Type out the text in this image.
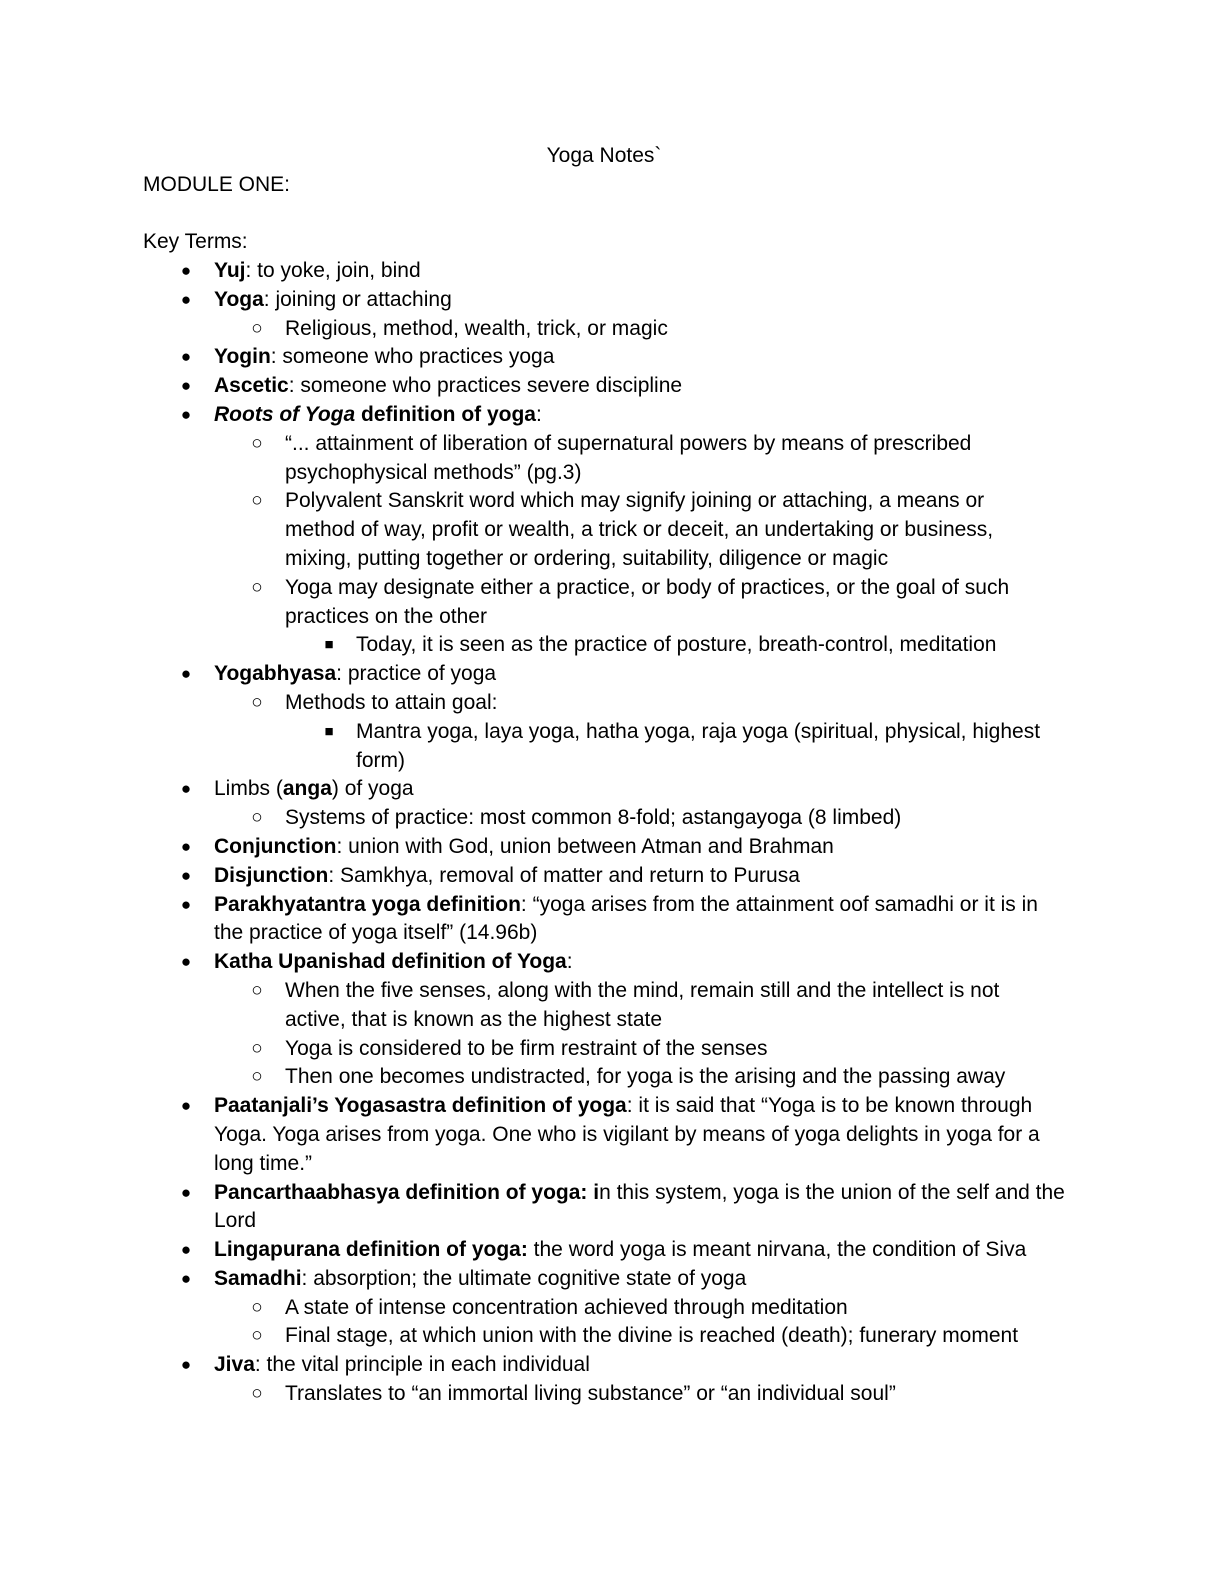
Yoga Notes`
MODULE ONE:
Key Terms:
●	Yuj: to yoke, join, bind
●	Yoga: joining or attaching
○ Religious, method, wealth, trick, or magic
●	Yogin: someone who practices yoga
●	Ascetic: someone who practices severe discipline
●	Roots of Yoga definition of yoga:
○ “... attainment of liberation of supernatural powers by means of prescribed psychophysical methods” (pg.3)
○ Polyvalent Sanskrit word which may signify joining or attaching, a means or method of way, profit or wealth, a trick or deceit, an undertaking or business, mixing, putting together or ordering, suitability, diligence or magic
○ Yoga may designate either a practice, or body of practices, or the goal of such practices on the other
■	Today, it is seen as the practice of posture, breath-control, meditation
●	Yogabhyasa: practice of yoga
○ Methods to attain goal:
■	Mantra yoga, laya yoga, hatha yoga, raja yoga (spiritual, physical, highest form)
●	Limbs (anga) of yoga
○ Systems of practice: most common 8-fold; astangayoga (8 limbed)
●	Conjunction: union with God, union between Atman and Brahman
●	Disjunction: Samkhya, removal of matter and return to Purusa
●	Parakhyatantra yoga definition: “yoga arises from the attainment oof samadhi or it is in the practice of yoga itself” (14.96b)
●	Katha Upanishad definition of Yoga:
○ When the five senses, along with the mind, remain still and the intellect is not active, that is known as the highest state
○ Yoga is considered to be firm restraint of the senses
○ Then one becomes undistracted, for yoga is the arising and the passing away
●	Paatanjali’s Yogasastra definition of yoga: it is said that “Yoga is to be known through Yoga. Yoga arises from yoga. One who is vigilant by means of yoga delights in yoga for a long time.”
●	Pancarthaabhasya definition of yoga: in this system, yoga is the union of the self and the Lord
●	Lingapurana definition of yoga: the word yoga is meant nirvana, the condition of Siva
●	Samadhi: absorption; the ultimate cognitive state of yoga
○ A state of intense concentration achieved through meditation
○ Final stage, at which union with the divine is reached (death); funerary moment
●	Jiva: the vital principle in each individual
○ Translates to “an immortal living substance” or “an individual soul”
